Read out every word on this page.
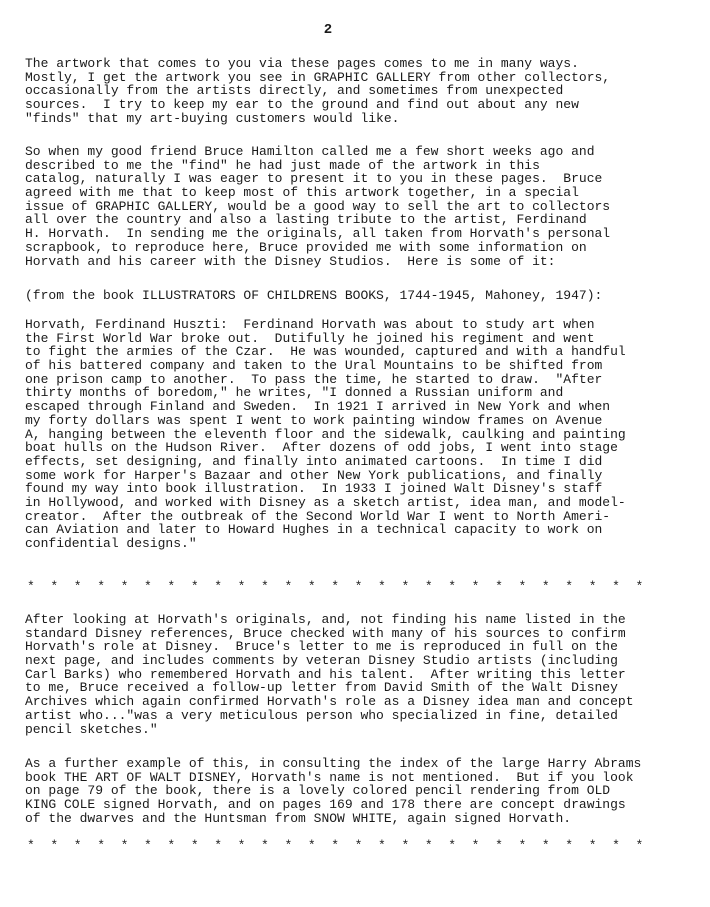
2
The artwork that comes to you via these pages comes to me in many ways.
Mostly, I get the artwork you see in GRAPHIC GALLERY from other collectors,
occasionally from the artists directly, and sometimes from unexpected
sources.  I try to keep my ear to the ground and find out about any new
"finds" that my art-buying customers would like.
So when my good friend Bruce Hamilton called me a few short weeks ago and
described to me the "find" he had just made of the artwork in this
catalog, naturally I was eager to present it to you in these pages.  Bruce
agreed with me that to keep most of this artwork together, in a special
issue of GRAPHIC GALLERY, would be a good way to sell the art to collectors
all over the country and also a lasting tribute to the artist, Ferdinand
H. Horvath.  In sending me the originals, all taken from Horvath's personal
scrapbook, to reproduce here, Bruce provided me with some information on
Horvath and his career with the Disney Studios.  Here is some of it:
(from the book ILLUSTRATORS OF CHILDRENS BOOKS, 1744-1945, Mahoney, 1947):
Horvath, Ferdinand Huszti:  Ferdinand Horvath was about to study art when
the First World War broke out.  Dutifully he joined his regiment and went
to fight the armies of the Czar.  He was wounded, captured and with a handful
of his battered company and taken to the Ural Mountains to be shifted from
one prison camp to another.  To pass the time, he started to draw.  "After
thirty months of boredom," he writes, "I donned a Russian uniform and
escaped through Finland and Sweden.  In 1921 I arrived in New York and when
my forty dollars was spent I went to work painting window frames on Avenue
A, hanging between the eleventh floor and the sidewalk, caulking and painting
boat hulls on the Hudson River.  After dozens of odd jobs, I went into stage
effects, set designing, and finally into animated cartoons.  In time I did
some work for Harper's Bazaar and other New York publications, and finally
found my way into book illustration.  In 1933 I joined Walt Disney's staff
in Hollywood, and worked with Disney as a sketch artist, idea man, and model-
creator.  After the outbreak of the Second World War I went to North Ameri-
can Aviation and later to Howard Hughes in a technical capacity to work on
confidential designs."
*  *  *  *  *  *  *  *  *  *  *  *  *  *  *  *  *  *  *  *  *  *  *  *  *  *  *
After looking at Horvath's originals, and, not finding his name listed in the
standard Disney references, Bruce checked with many of his sources to confirm
Horvath's role at Disney.  Bruce's letter to me is reproduced in full on the
next page, and includes comments by veteran Disney Studio artists (including
Carl Barks) who remembered Horvath and his talent.  After writing this letter
to me, Bruce received a follow-up letter from David Smith of the Walt Disney
Archives which again confirmed Horvath's role as a Disney idea man and concept
artist who..."was a very meticulous person who specialized in fine, detailed
pencil sketches."
As a further example of this, in consulting the index of the large Harry Abrams
book THE ART OF WALT DISNEY, Horvath's name is not mentioned.  But if you look
on page 79 of the book, there is a lovely colored pencil rendering from OLD
KING COLE signed Horvath, and on pages 169 and 178 there are concept drawings
of the dwarves and the Huntsman from SNOW WHITE, again signed Horvath.
*  *  *  *  *  *  *  *  *  *  *  *  *  *  *  *  *  *  *  *  *  *  *  *  *  *  *
